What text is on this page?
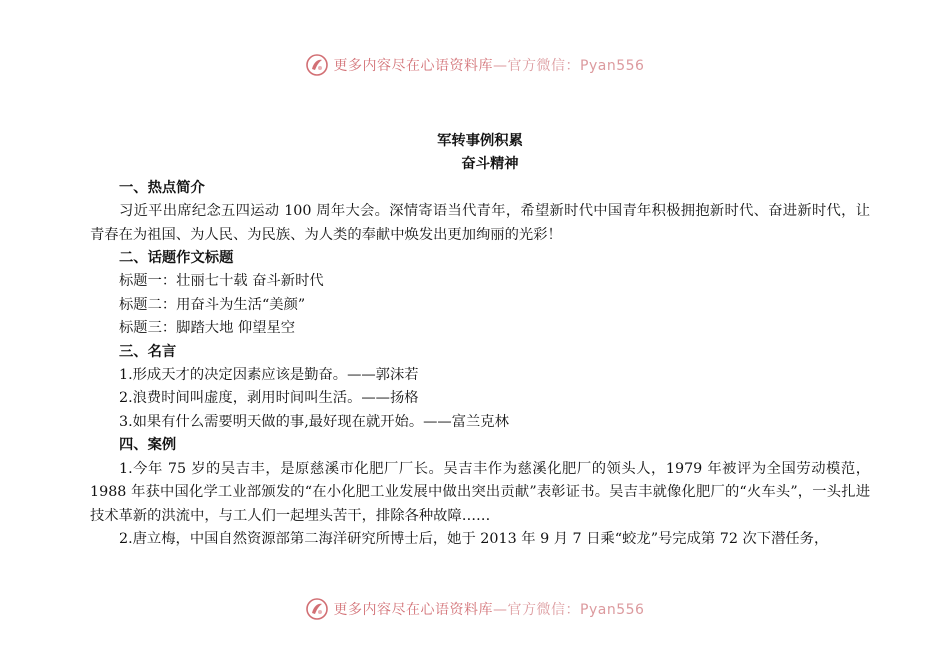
更多内容尽在心语资料库 —官方微信：Pyan556

军转事例积累

奋斗精神

一、热点简介

习近平出席纪念五四运动 100 周年大会。深情寄语当代青年，希望新时代中国青年积极拥抱新时代、奋进新时代，让青春在为祖国、为人民、为民族、为人类的奉献中焕发出更加绚丽的光彩！

二、话题作文标题

标题一：壮丽七十载 奋斗新时代

标题二：用奋斗为生活“美颜”

标题三：脚踏大地 仰望星空

三、名言

1.形成天才的决定因素应该是勤奋。——郭沫若

2.浪费时间叫虚度，剥用时间叫生活。——扬格

3.如果有什么需要明天做的事,最好现在就开始。——富兰克林

四、案例

1.今年 75 岁的吴吉丰，是原慈溪市化肥厂厂长。吴吉丰作为慈溪化肥厂的领头人，1979 年被评为全国劳动模范，1988 年获中国化学工业部颁发的“在小化肥工业发展中做出突出贡献”表彰证书。吴吉丰就像化肥厂的“火车头”，一头扎进技术革新的洪流中，与工人们一起埋头苦干，排除各种故障……

2.唐立梅，中国自然资源部第二海洋研究所博士后，她于 2013 年 9 月 7 日乘“蛟龙”号完成第 72 次下潜任务，

更多内容尽在心语资料库 —官方微信：Pyan556
